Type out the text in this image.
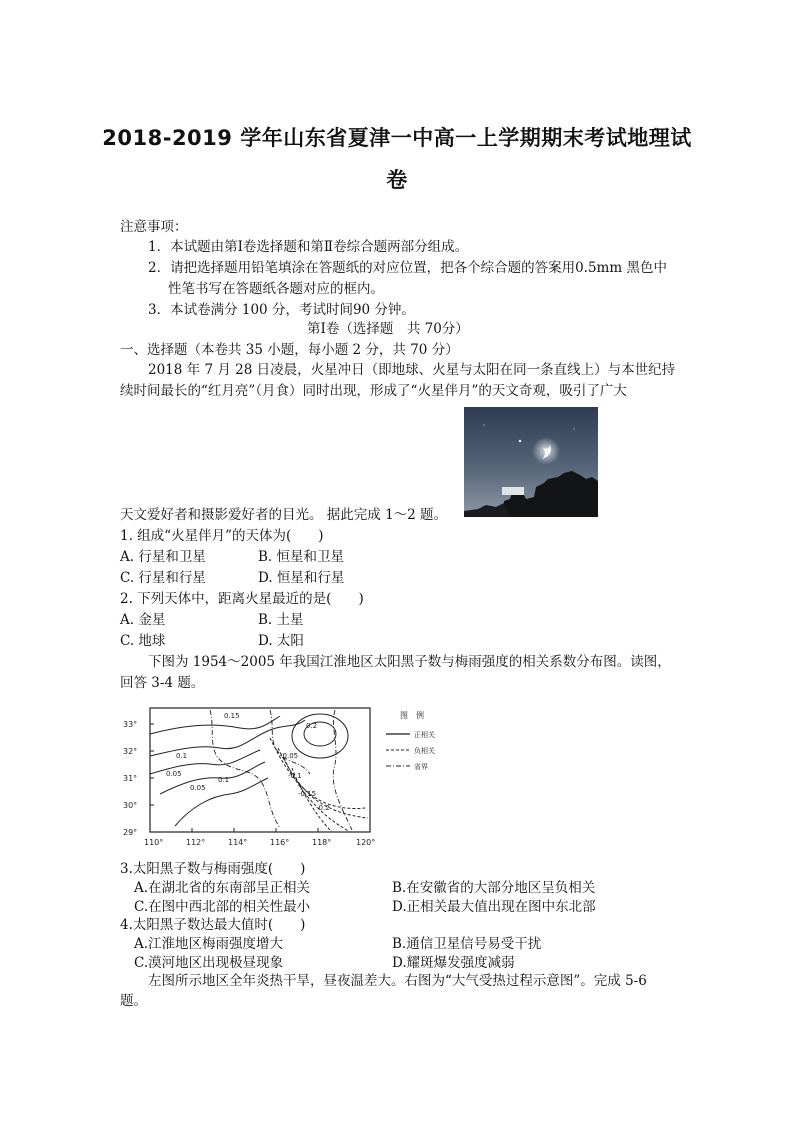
2018-2019 学年山东省夏津一中高一上学期期末考试地理试
卷
注意事项：
1．本试题由第Ⅰ卷选择题和第Ⅱ卷综合题两部分组成。
2．请把选择题用铅笔填涂在答题纸的对应位置，把各个综合题的答案用0.5mm 黑色中
性笔书写在答题纸各题对应的框内。
3．本试卷满分 100 分，考试时间90 分钟。
第Ⅰ卷（选择题　共 70分）
一、选择题（本卷共 35 小题，每小题 2 分，共 70 分）
2018 年 7 月 28 日凌晨，火星冲日（即地球、火星与太阳在同一条直线上）与本世纪持
续时间最长的“红月亮”（月食）同时出现，形成了“火星伴月”的天文奇观，吸引了广大
天文爱好者和摄影爱好者的目光。 据此完成 1～2 题。
1. 组成“火星伴月”的天体为(　　)
A. 行星和卫星	B. 恒星和卫星
C. 行星和行星	D. 恒星和行星
2. 下列天体中，距离火星最近的是(　　)
A. 金星	B. 土星
C. 地球	D. 太阳
下图为 1954～2005 年我国江淮地区太阳黑子数与梅雨强度的相关系数分布图。读图，
回答 3-4 题。
33°
32°
31°
30°
29°
110°	112°	114°	116°	118°	120°
0.15
0.2
0.1
0.05
0.05
-0.05
0.1	-0.1
-0.15
-0.2
图　例
正相关
负相关
省界
3.太阳黑子数与梅雨强度(　　)
A.在湖北省的东南部呈正相关	B.在安徽省的大部分地区呈负相关
C.在图中西北部的相关性最小	D.正相关最大值出现在图中东北部
4.太阳黑子数达最大值时(　　)
A.江淮地区梅雨强度增大	B.通信卫星信号易受干扰
C.漠河地区出现极昼现象	D.耀斑爆发强度减弱
左图所示地区全年炎热干旱，昼夜温差大。右图为“大气受热过程示意图”。完成 5-6
题。
